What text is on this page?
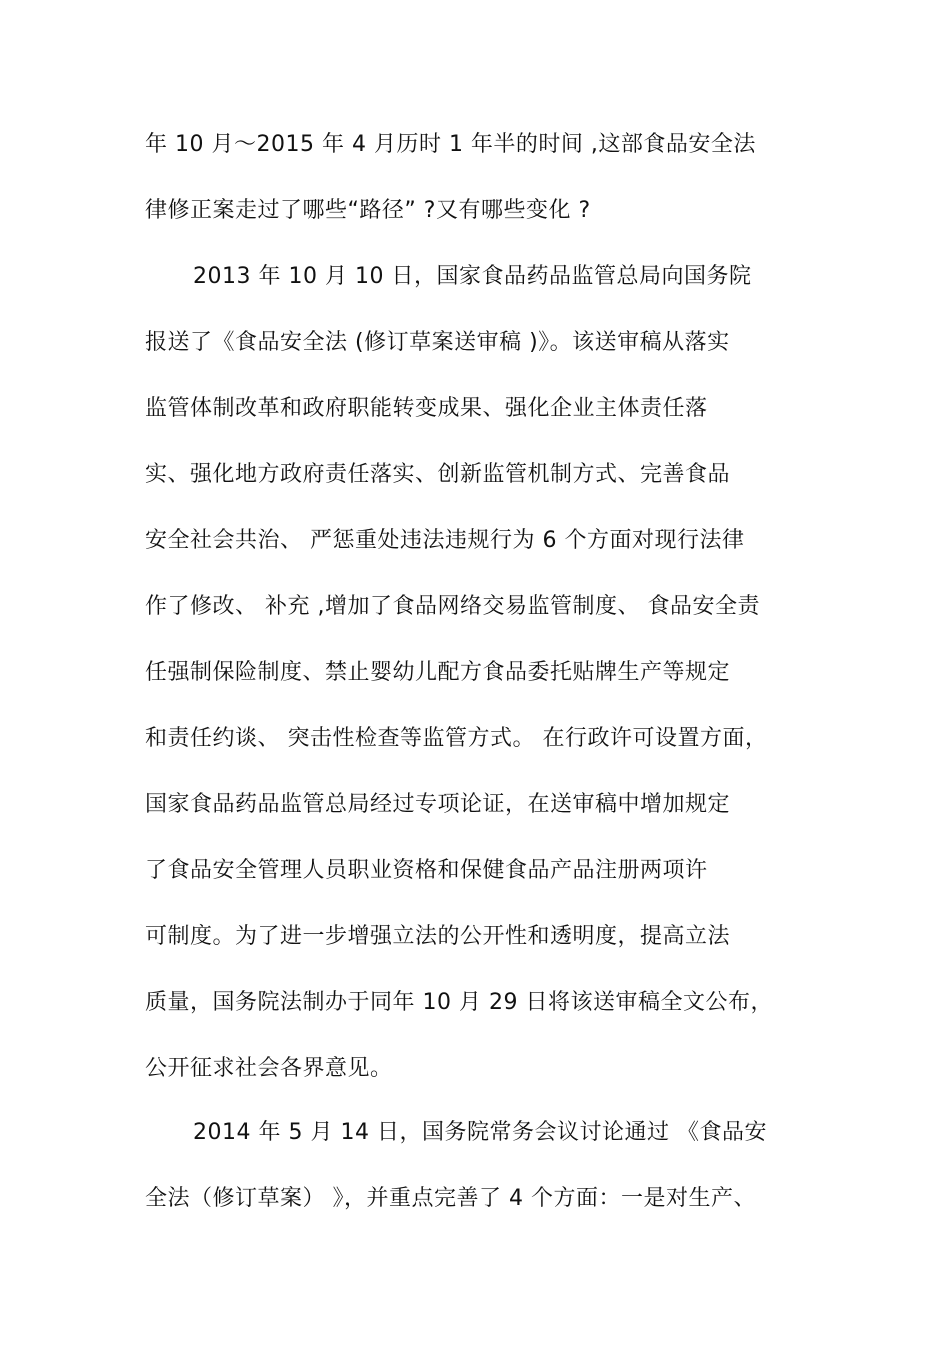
年 10 月～2015 年 4 月历时 1 年半的时间 ,这部食品安全法
律修正案走过了哪些“路径” ?又有哪些变化 ?
2013 年 10 月 10 日，国家食品药品监管总局向国务院
报送了《食品安全法 (修订草案送审稿 )》。该送审稿从落实
监管体制改革和政府职能转变成果、强化企业主体责任落
实、强化地方政府责任落实、创新监管机制方式、完善食品
安全社会共治、 严惩重处违法违规行为 6 个方面对现行法律
作了修改、 补充 ,增加了食品网络交易监管制度、 食品安全责
任强制保险制度、禁止婴幼儿配方食品委托贴牌生产等规定
和责任约谈、 突击性检查等监管方式。 在行政许可设置方面，
国家食品药品监管总局经过专项论证，在送审稿中增加规定
了食品安全管理人员职业资格和保健食品产品注册两项许
可制度。为了进一步增强立法的公开性和透明度，提高立法
质量，国务院法制办于同年 10 月 29 日将该送审稿全文公布，
公开征求社会各界意见。
2014 年 5 月 14 日，国务院常务会议讨论通过 《食品安
全法（修订草案） 》，并重点完善了 4 个方面：一是对生产、
